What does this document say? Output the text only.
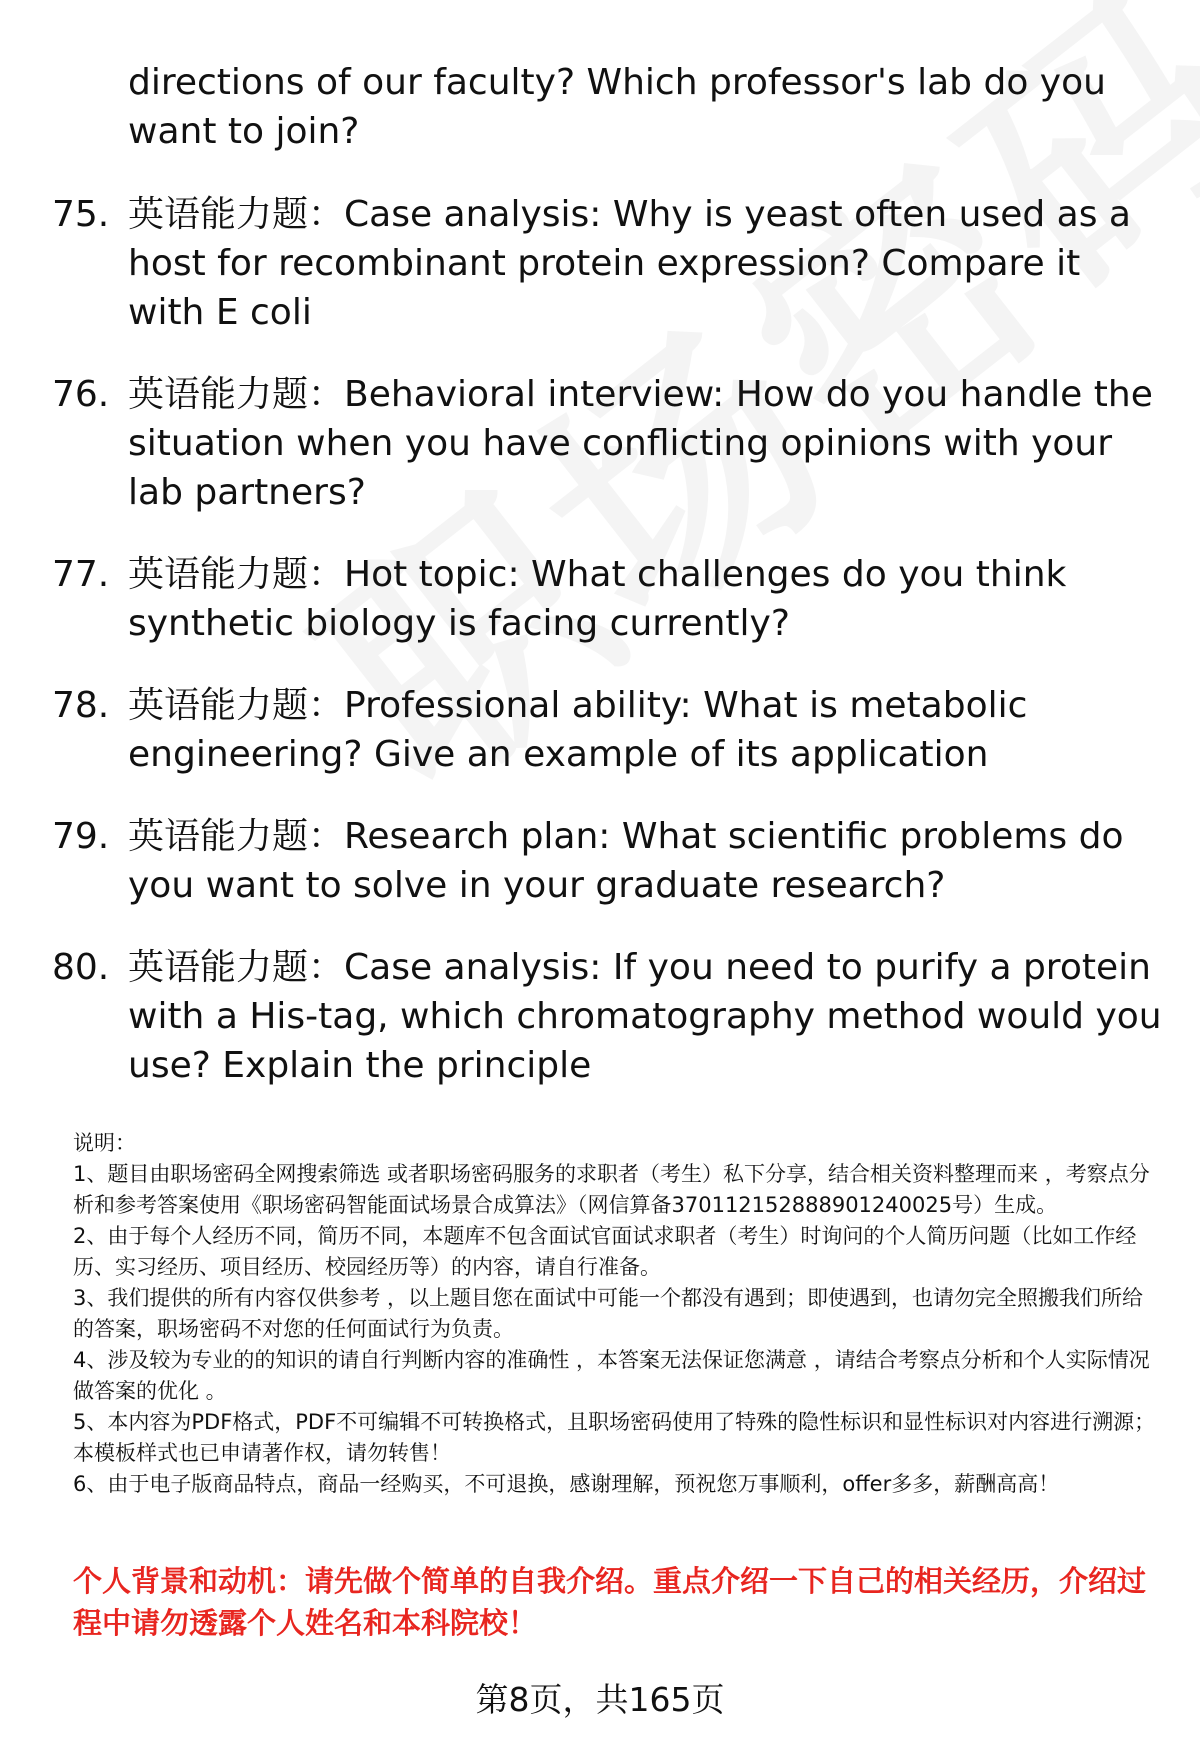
directions of our faculty? Which professor's lab do you want to join?
75. 英语能力题：Case analysis: Why is yeast often used as a host for recombinant protein expression? Compare it with E coli
76. 英语能力题：Behavioral interview: How do you handle the situation when you have conflicting opinions with your lab partners?
77. 英语能力题：Hot topic: What challenges do you think synthetic biology is facing currently?
78. 英语能力题：Professional ability: What is metabolic engineering? Give an example of its application
79. 英语能力题：Research plan: What scientific problems do you want to solve in your graduate research?
80. 英语能力题：Case analysis: If you need to purify a protein with a His-tag, which chromatography method would you use? Explain the principle

说明：

1、题目由职场密码全网搜索筛选 或者职场密码服务的求职者（考生）私下分享，结合相关资料整理而来 ，考察点分析和参考答案使用《职场密码智能面试场景合成算法》（网信算备370112152888901240025号）生成。

2、由于每个人经历不同，简历不同，本题库不包含面试官面试求职者（考生）时询问的个人简历问题（比如工作经历、实习经历、项目经历、校园经历等）的内容，请自行准备。

3、我们提供的所有内容仅供参考 ，以上题目您在面试中可能一个都没有遇到；即使遇到，也请勿完全照搬我们所给的答案，职场密码不对您的任何面试行为负责。

4、涉及较为专业的的知识的请自行判断内容的准确性 ，本答案无法保证您满意 ，请结合考察点分析和个人实际情况做答案的优化 。

5、本内容为PDF格式，PDF不可编辑不可转换格式，且职场密码使用了特殊的隐性标识和显性标识对内容进行溯源；本模板样式也已申请著作权，请勿转售！

6、由于电子版商品特点，商品一经购买，不可退换，感谢理解，预祝您万事顺利，offer多多，薪酬高高！

个人背景和动机：请先做个简单的自我介绍。重点介绍一下自己的相关经历，介绍过程中请勿透露个人姓名和本科院校！
第8页，共165页
